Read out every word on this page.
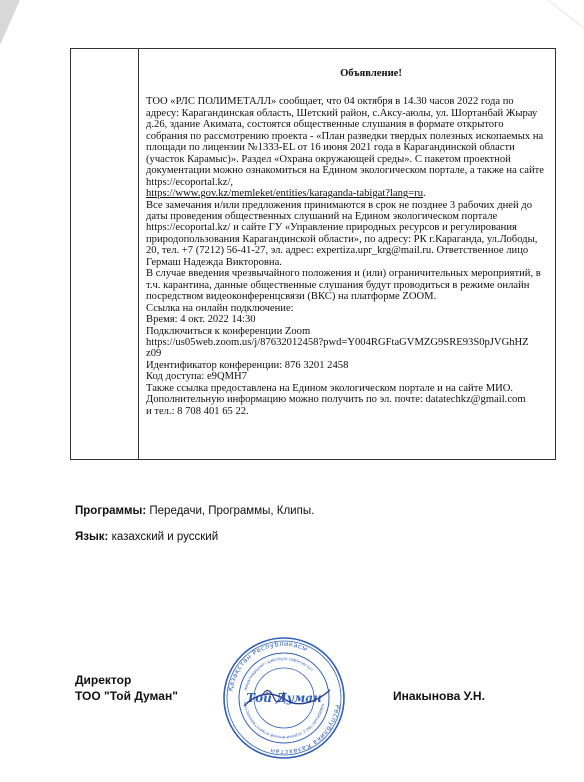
Объявление!

ТОО «РЛС ПОЛИМЕТАЛЛ» сообщает, что 04 октября в 14.30 часов 2022 года по адресу: Карагандинская область, Шетский район, с.Аксу-аюлы, ул. Шортанбай Жырау д.26, здание Акимата, состоятся общественные слушания в формате открытого собрания по рассмотрению проекта - «План разведки твердых полезных ископаемых на площади по лицензии №1333-EL от 16 июня 2021 года в Карагандинской области (участок Карамыс)». Раздел «Охрана окружающей среды». С пакетом проектной документации можно ознакомиться на Едином экологическом портале, а также на сайте https://ecoportal.kz/,
https://www.gov.kz/memleket/entities/karaganda-tabigat?lang=ru.

Все замечания и/или предложения принимаются в срок не позднее 3 рабочих дней до даты проведения общественных слушаний на Едином экологическом портале https://ecoportal.kz/ и сайте ГУ «Управление природных ресурсов и регулирования природопользования Карагандинской области», по адресу: РК г.Караганда, ул.Лободы, 20, тел. +7 (7212) 56-41-27, эл. адрес: expertiza.upr_krg@mail.ru. Ответственное лицо Гермаш Надежда Викторовна.

В случае введения чрезвычайного положения и (или) ограничительных мероприятий, в т.ч. карантина, данные общественные слушания будут проводиться в режиме онлайн посредством видеоконференцсвязи (ВКС) на платформе ZOOM.

Ссылка на онлайн подключение:
Время: 4 окт. 2022 14:30
Подключиться к конференции Zoom
https://us05web.zoom.us/j/87632012458?pwd=Y004RGFtaGVMZG9SRE93S0pJVGhHZ
z09
Идентификатор конференции: 876 3201 2458
Код доступа: e9QMH7
Также ссылка предоставлена на Едином экологическом портале и на сайте МИО.
Дополнительную информацию можно получить по эл. почте: datatechkz@gmail.com
и тел.: 8 708 401 65 22.
Программы: Передачи, Программы, Клипы.
Язык: казахский и русский
Директор
ТОО "Той Думан"	Инакынова У.Н.
Қазақстан Республикасы
Республика Казахстан
жауапкершілігі шектеулі серіктестігі
товарищество с ограниченной ответственностью
Той Думан
